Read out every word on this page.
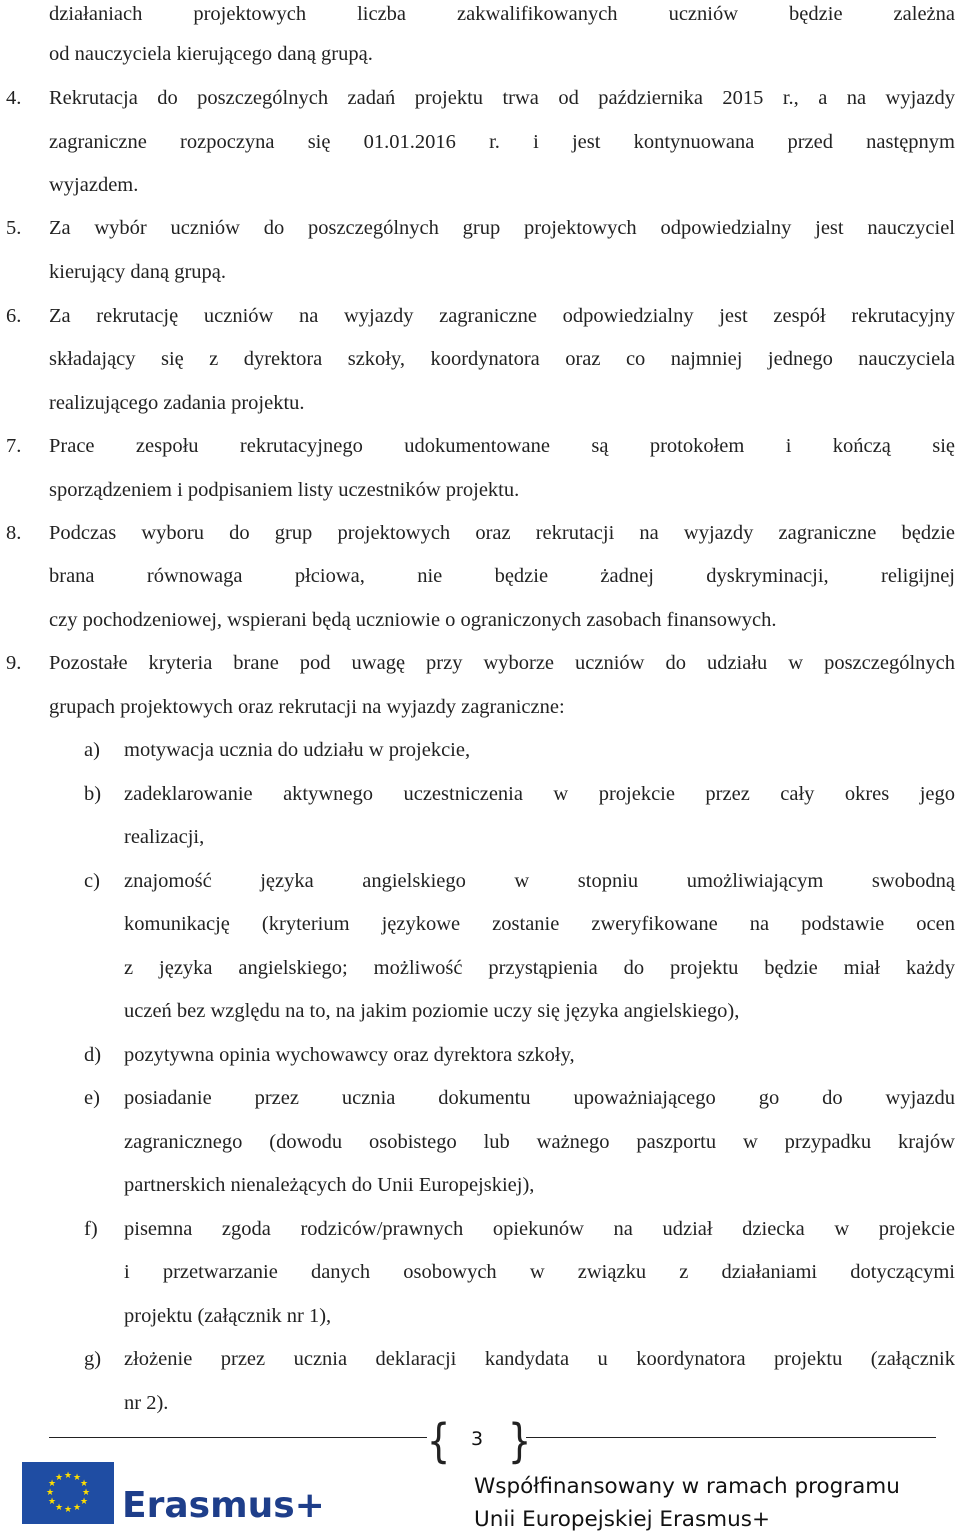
działaniach projektowych liczba zakwalifikowanych uczniów będzie zależna
od nauczyciela kierującego daną grupą.
Rekrutacja do poszczególnych zadań projektu trwa od października 2015 r., a na wyjazdy
zagraniczne rozpoczyna się 01.01.2016 r. i jest kontynuowana przed następnym
wyjazdem.
Za wybór uczniów do poszczególnych grup projektowych odpowiedzialny jest nauczyciel
kierujący daną grupą.
Za rekrutację uczniów na wyjazdy zagraniczne odpowiedzialny jest zespół rekrutacyjny
składający się z dyrektora szkoły, koordynatora oraz co najmniej jednego nauczyciela
realizującego zadania projektu.
Prace zespołu rekrutacyjnego udokumentowane są protokołem i kończą się
sporządzeniem i podpisaniem listy uczestników projektu.
Podczas wyboru do grup projektowych oraz rekrutacji na wyjazdy zagraniczne będzie
brana równowaga płciowa, nie będzie żadnej dyskryminacji, religijnej
czy pochodzeniowej, wspierani będą uczniowie o ograniczonych zasobach finansowych.
Pozostałe kryteria brane pod uwagę przy wyborze uczniów do udziału w poszczególnych
grupach projektowych oraz rekrutacji na wyjazdy zagraniczne:
motywacja ucznia do udziału w projekcie,
zadeklarowanie aktywnego uczestniczenia w projekcie przez cały okres jego
realizacji,
znajomość języka angielskiego w stopniu umożliwiającym swobodną
komunikację (kryterium językowe zostanie zweryfikowane na podstawie ocen
z języka angielskiego; możliwość przystąpienia do projektu będzie miał każdy
uczeń bez względu na to, na jakim poziomie uczy się języka angielskiego),
pozytywna opinia wychowawcy oraz dyrektora szkoły,
posiadanie przez ucznia dokumentu upoważniającego go do wyjazdu
zagranicznego (dowodu osobistego lub ważnego paszportu w przypadku krajów
partnerskich nienależących do Unii Europejskiej),
pisemna zgoda rodziców/prawnych opiekunów na udział dziecka w projekcie
i przetwarzanie danych osobowych w związku z działaniami dotyczącymi
projektu (załącznik nr 1),
złożenie przez ucznia deklaracji kandydata u koordynatora projektu (załącznik
nr 2).
4.
5.
6.
7.
8.
9.
a)
b)
c)
d)
e)
f)
g)
{ }
3
★ ★
★
★
★
★
★
★
★
★
★
★
Erasmus+	Współfinansowany w ramach programu
Unii Europejskiej Erasmus+
